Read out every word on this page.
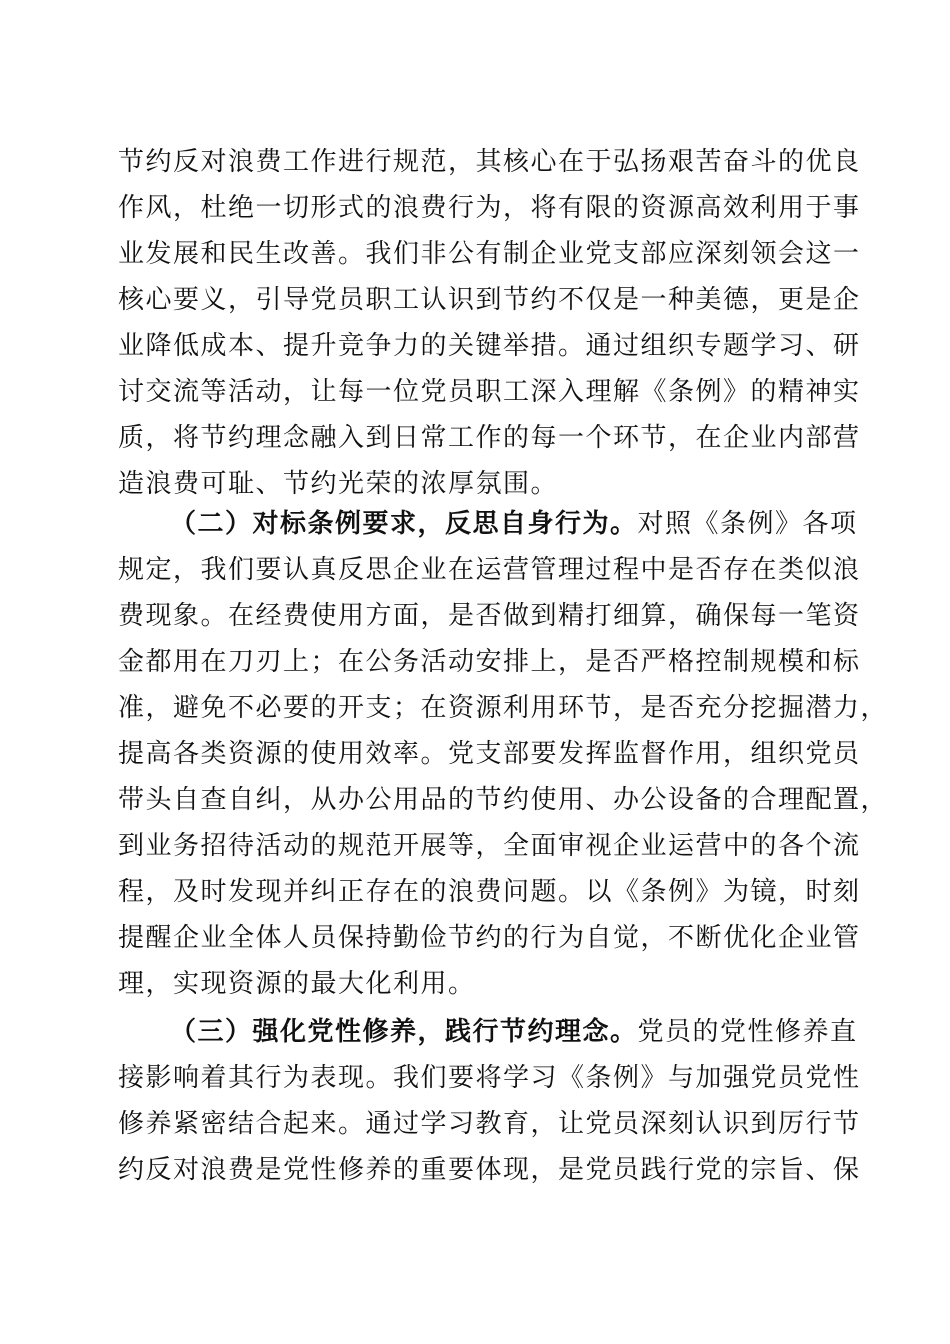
节约反对浪费工作进行规范，其核心在于弘扬艰苦奋斗的优良
作风，杜绝一切形式的浪费行为，将有限的资源高效利用于事
业发展和民生改善。我们非公有制企业党支部应深刻领会这一
核心要义，引导党员职工认识到节约不仅是一种美德，更是企
业降低成本、提升竞争力的关键举措。通过组织专题学习、研
讨交流等活动，让每一位党员职工深入理解《条例》的精神实
质，将节约理念融入到日常工作的每一个环节，在企业内部营
造浪费可耻、节约光荣的浓厚氛围。
（二）对标条例要求，反思自身行为。对照《条例》各项
规定，我们要认真反思企业在运营管理过程中是否存在类似浪
费现象。在经费使用方面，是否做到精打细算，确保每一笔资
金都用在刀刃上；在公务活动安排上，是否严格控制规模和标
准，避免不必要的开支；在资源利用环节，是否充分挖掘潜力，
提高各类资源的使用效率。党支部要发挥监督作用，组织党员
带头自查自纠，从办公用品的节约使用、办公设备的合理配置，
到业务招待活动的规范开展等，全面审视企业运营中的各个流
程，及时发现并纠正存在的浪费问题。以《条例》为镜，时刻
提醒企业全体人员保持勤俭节约的行为自觉，不断优化企业管
理，实现资源的最大化利用。
（三）强化党性修养，践行节约理念。党员的党性修养直
接影响着其行为表现。我们要将学习《条例》与加强党员党性
修养紧密结合起来。通过学习教育，让党员深刻认识到厉行节
约反对浪费是党性修养的重要体现，是党员践行党的宗旨、保
